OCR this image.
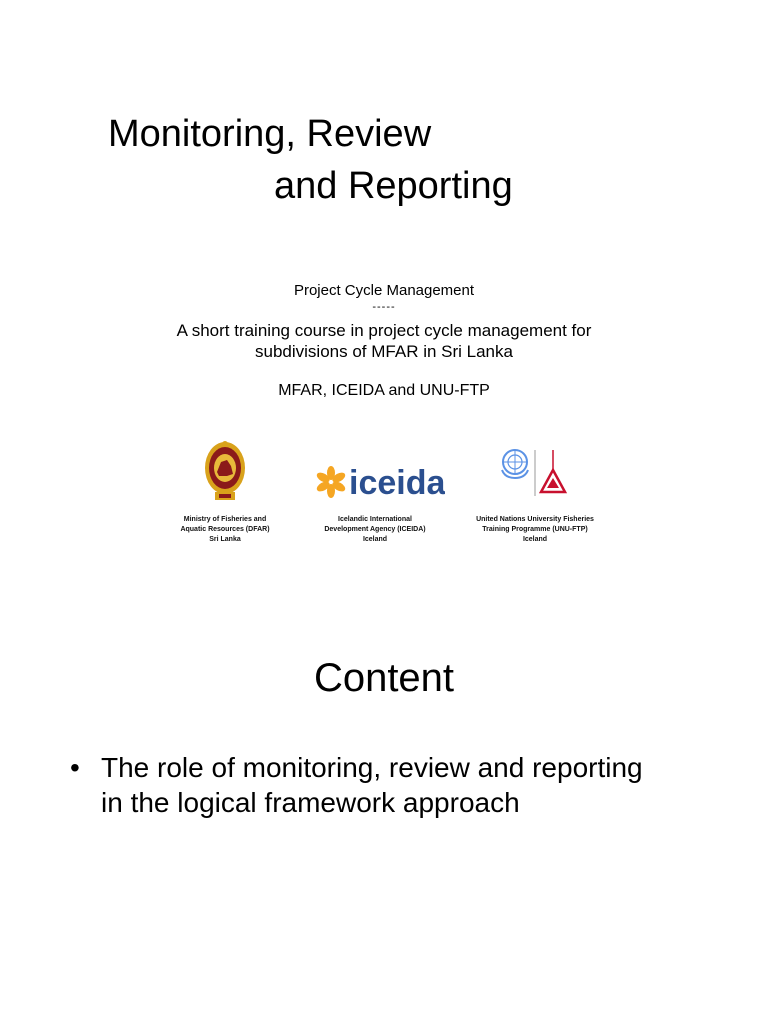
Monitoring, Review
and Reporting
Project Cycle Management
-----
A short training course in project cycle management for
subdivisions of MFAR in Sri Lanka
MFAR, ICEIDA and UNU-FTP
Ministry of Fisheries and
Aquatic Resources (DFAR)
Sri Lanka
iceida
Icelandic International
Development Agency (ICEIDA)
Iceland
United Nations University Fisheries
Training Programme (UNU-FTP)
Iceland
Content
• The role of monitoring, review and reporting
in the logical framework approach
